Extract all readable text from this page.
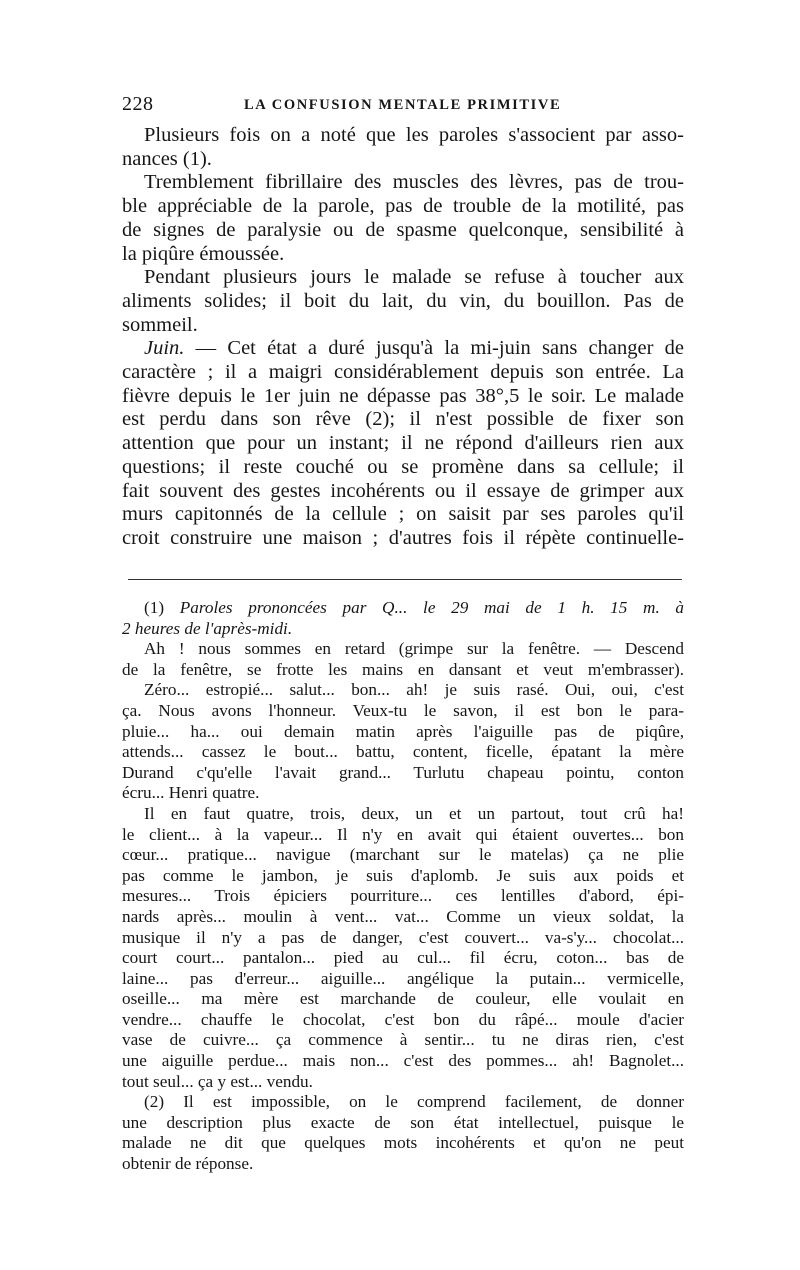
228	LA CONFUSION MENTALE PRIMITIVE
Plusieurs fois on a noté que les paroles s'associent par asso-
nances (1).
Tremblement fibrillaire des muscles des lèvres, pas de trou-
ble appréciable de la parole, pas de trouble de la motilité, pas
de signes de paralysie ou de spasme quelconque, sensibilité à
la piqûre émoussée.
Pendant plusieurs jours le malade se refuse à toucher aux
aliments solides; il boit du lait, du vin, du bouillon. Pas de
sommeil.
Juin. — Cet état a duré jusqu'à la mi-juin sans changer de
caractère ; il a maigri considérablement depuis son entrée. La
fièvre depuis le 1er juin ne dépasse pas 38°,5 le soir. Le malade
est perdu dans son rêve (2); il n'est possible de fixer son
attention que pour un instant; il ne répond d'ailleurs rien aux
questions; il reste couché ou se promène dans sa cellule; il
fait souvent des gestes incohérents ou il essaye de grimper aux
murs capitonnés de la cellule ; on saisit par ses paroles qu'il
croit construire une maison ; d'autres fois il répète continuelle-
(1) Paroles prononcées par Q... le 29 mai de 1 h. 15 m. à
2 heures de l'après-midi.
Ah ! nous sommes en retard (grimpe sur la fenêtre. — Descend
de la fenêtre, se frotte les mains en dansant et veut m'embrasser).
Zéro... estropié... salut... bon... ah! je suis rasé. Oui, oui, c'est
ça. Nous avons l'honneur. Veux-tu le savon, il est bon le para-
pluie... ha... oui demain matin après l'aiguille pas de piqûre,
attends... cassez le bout... battu, content, ficelle, épatant la mère
Durand c'qu'elle l'avait grand... Turlutu chapeau pointu, conton
écru... Henri quatre.
Il en faut quatre, trois, deux, un et un partout, tout crû ha!
le client... à la vapeur... Il n'y en avait qui étaient ouvertes... bon
cœur... pratique... navigue (marchant sur le matelas) ça ne plie
pas comme le jambon, je suis d'aplomb. Je suis aux poids et
mesures... Trois épiciers pourriture... ces lentilles d'abord, épi-
nards après... moulin à vent... vat... Comme un vieux soldat, la
musique il n'y a pas de danger, c'est couvert... va-s'y... chocolat...
court court... pantalon... pied au cul... fil écru, coton... bas de
laine... pas d'erreur... aiguille... angélique la putain... vermicelle,
oseille... ma mère est marchande de couleur, elle voulait en
vendre... chauffe le chocolat, c'est bon du râpé... moule d'acier
vase de cuivre... ça commence à sentir... tu ne diras rien, c'est
une aiguille perdue... mais non... c'est des pommes... ah! Bagnolet...
tout seul... ça y est... vendu.
(2) Il est impossible, on le comprend facilement, de donner
une description plus exacte de son état intellectuel, puisque le
malade ne dit que quelques mots incohérents et qu'on ne peut
obtenir de réponse.
